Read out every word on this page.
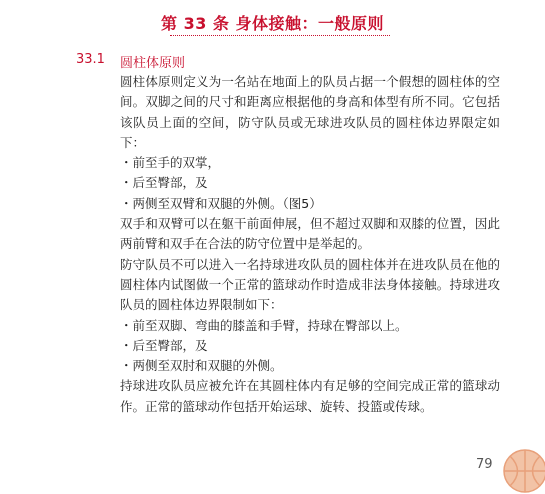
第 33 条 身体接触：一般原则
33.1 圆柱体原则

圆柱体原则定义为一名站在地面上的队员占据一个假想的圆柱体的空间。双脚之间的尺寸和距离应根据他的身高和体型有所不同。它包括该队员上面的空间，防守队员或无球进攻队员的圆柱体边界限定如下：

・前至手的双掌，
・后至臀部，及
・两侧至双臂和双腿的外侧。（图5）

双手和双臂可以在躯干前面伸展，但不超过双脚和双膝的位置，因此两前臂和双手在合法的防守位置中是举起的。

防守队员不可以进入一名持球进攻队员的圆柱体并在进攻队员在他的圆柱体内试图做一个正常的篮球动作时造成非法身体接触。持球进攻队员的圆柱体边界限制如下：

・前至双脚、弯曲的膝盖和手臂，持球在臀部以上。
・后至臀部，及
・两侧至双肘和双腿的外侧。

持球进攻队员应被允许在其圆柱体内有足够的空间完成正常的篮球动作。正常的篮球动作包括开始运球、旋转、投篮或传球。

79
